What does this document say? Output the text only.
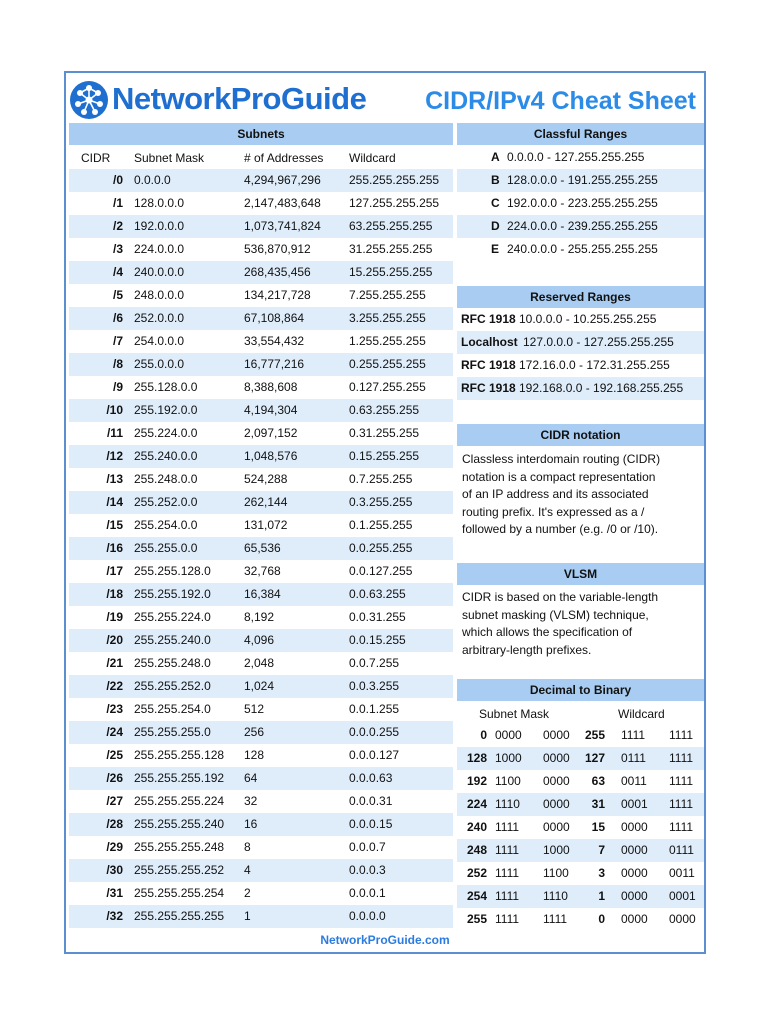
NetworkProGuide CIDR/IPv4 Cheat Sheet
Subnets
CIDR Subnet Mask	# of Addresses Wildcard
/0 0.0.0.0	4,294,967,296 255.255.255.255
/1 128.0.0.0	2,147,483,648 127.255.255.255
/2 192.0.0.0	1,073,741,824 63.255.255.255
/3 224.0.0.0	536,870,912	31.255.255.255
/4 240.0.0.0	268,435,456	15.255.255.255
/5 248.0.0.0	134,217,728	7.255.255.255
/6 252.0.0.0	67,108,864	3.255.255.255
/7 254.0.0.0	33,554,432	1.255.255.255
/8 255.0.0.0	16,777,216	0.255.255.255
/9 255.128.0.0	8,388,608	0.127.255.255
/10 255.192.0.0	4,194,304	0.63.255.255
/11 255.224.0.0	2,097,152	0.31.255.255
/12 255.240.0.0	1,048,576	0.15.255.255
/13 255.248.0.0	524,288	0.7.255.255
/14 255.252.0.0	262,144	0.3.255.255
/15 255.254.0.0	131,072	0.1.255.255
/16 255.255.0.0	65,536	0.0.255.255
/17 255.255.128.0	32,768	0.0.127.255
/18 255.255.192.0	16,384	0.0.63.255
/19 255.255.224.0	8,192	0.0.31.255
/20 255.255.240.0	4,096	0.0.15.255
/21 255.255.248.0	2,048	0.0.7.255
/22 255.255.252.0	1,024	0.0.3.255
/23 255.255.254.0	512	0.0.1.255
/24 255.255.255.0	256	0.0.0.255
/25 255.255.255.128 128	0.0.0.127
/26 255.255.255.192 64	0.0.0.63
/27 255.255.255.224 32	0.0.0.31
/28 255.255.255.240 16	0.0.0.15
/29 255.255.255.248 8	0.0.0.7
/30 255.255.255.252 4	0.0.0.3
/31 255.255.255.254 2	0.0.0.1
/32 255.255.255.255 1	0.0.0.0
Classful Ranges
A 0.0.0.0 - 127.255.255.255
B 128.0.0.0 - 191.255.255.255
C 192.0.0.0 - 223.255.255.255
D 224.0.0.0 - 239.255.255.255
E 240.0.0.0 - 255.255.255.255
Reserved Ranges
RFC 1918 10.0.0.0 - 10.255.255.255
Localhost 127.0.0.0 - 127.255.255.255
RFC 1918 172.16.0.0 - 172.31.255.255
RFC 1918 192.168.0.0 - 192.168.255.255
CIDR notation
Classless interdomain routing (CIDR)
notation is a compact representation
of an IP address and its associated
routing prefix. It's expressed as a /
followed by a number (e.g. /0 or /10).
VLSM
CIDR is based on the variable-length
subnet masking (VLSM) technique,
which allows the specification of
arbitrary-length prefixes.
Decimal to Binary
Subnet Mask	Wildcard
0 0000 0000	255 1111 1111
128 1000 0000	127 0111 1111
192 1100 0000	63 0011 1111
224 1110 0000	31 0001 1111
240 1111 0000	15 0000 1111
248 1111 1000	7 0000 0111
252 1111 1100	3 0000 0011
254 1111 1110	1 0000 0001
255 1111 1111	0 0000 0000
NetworkProGuide.com
